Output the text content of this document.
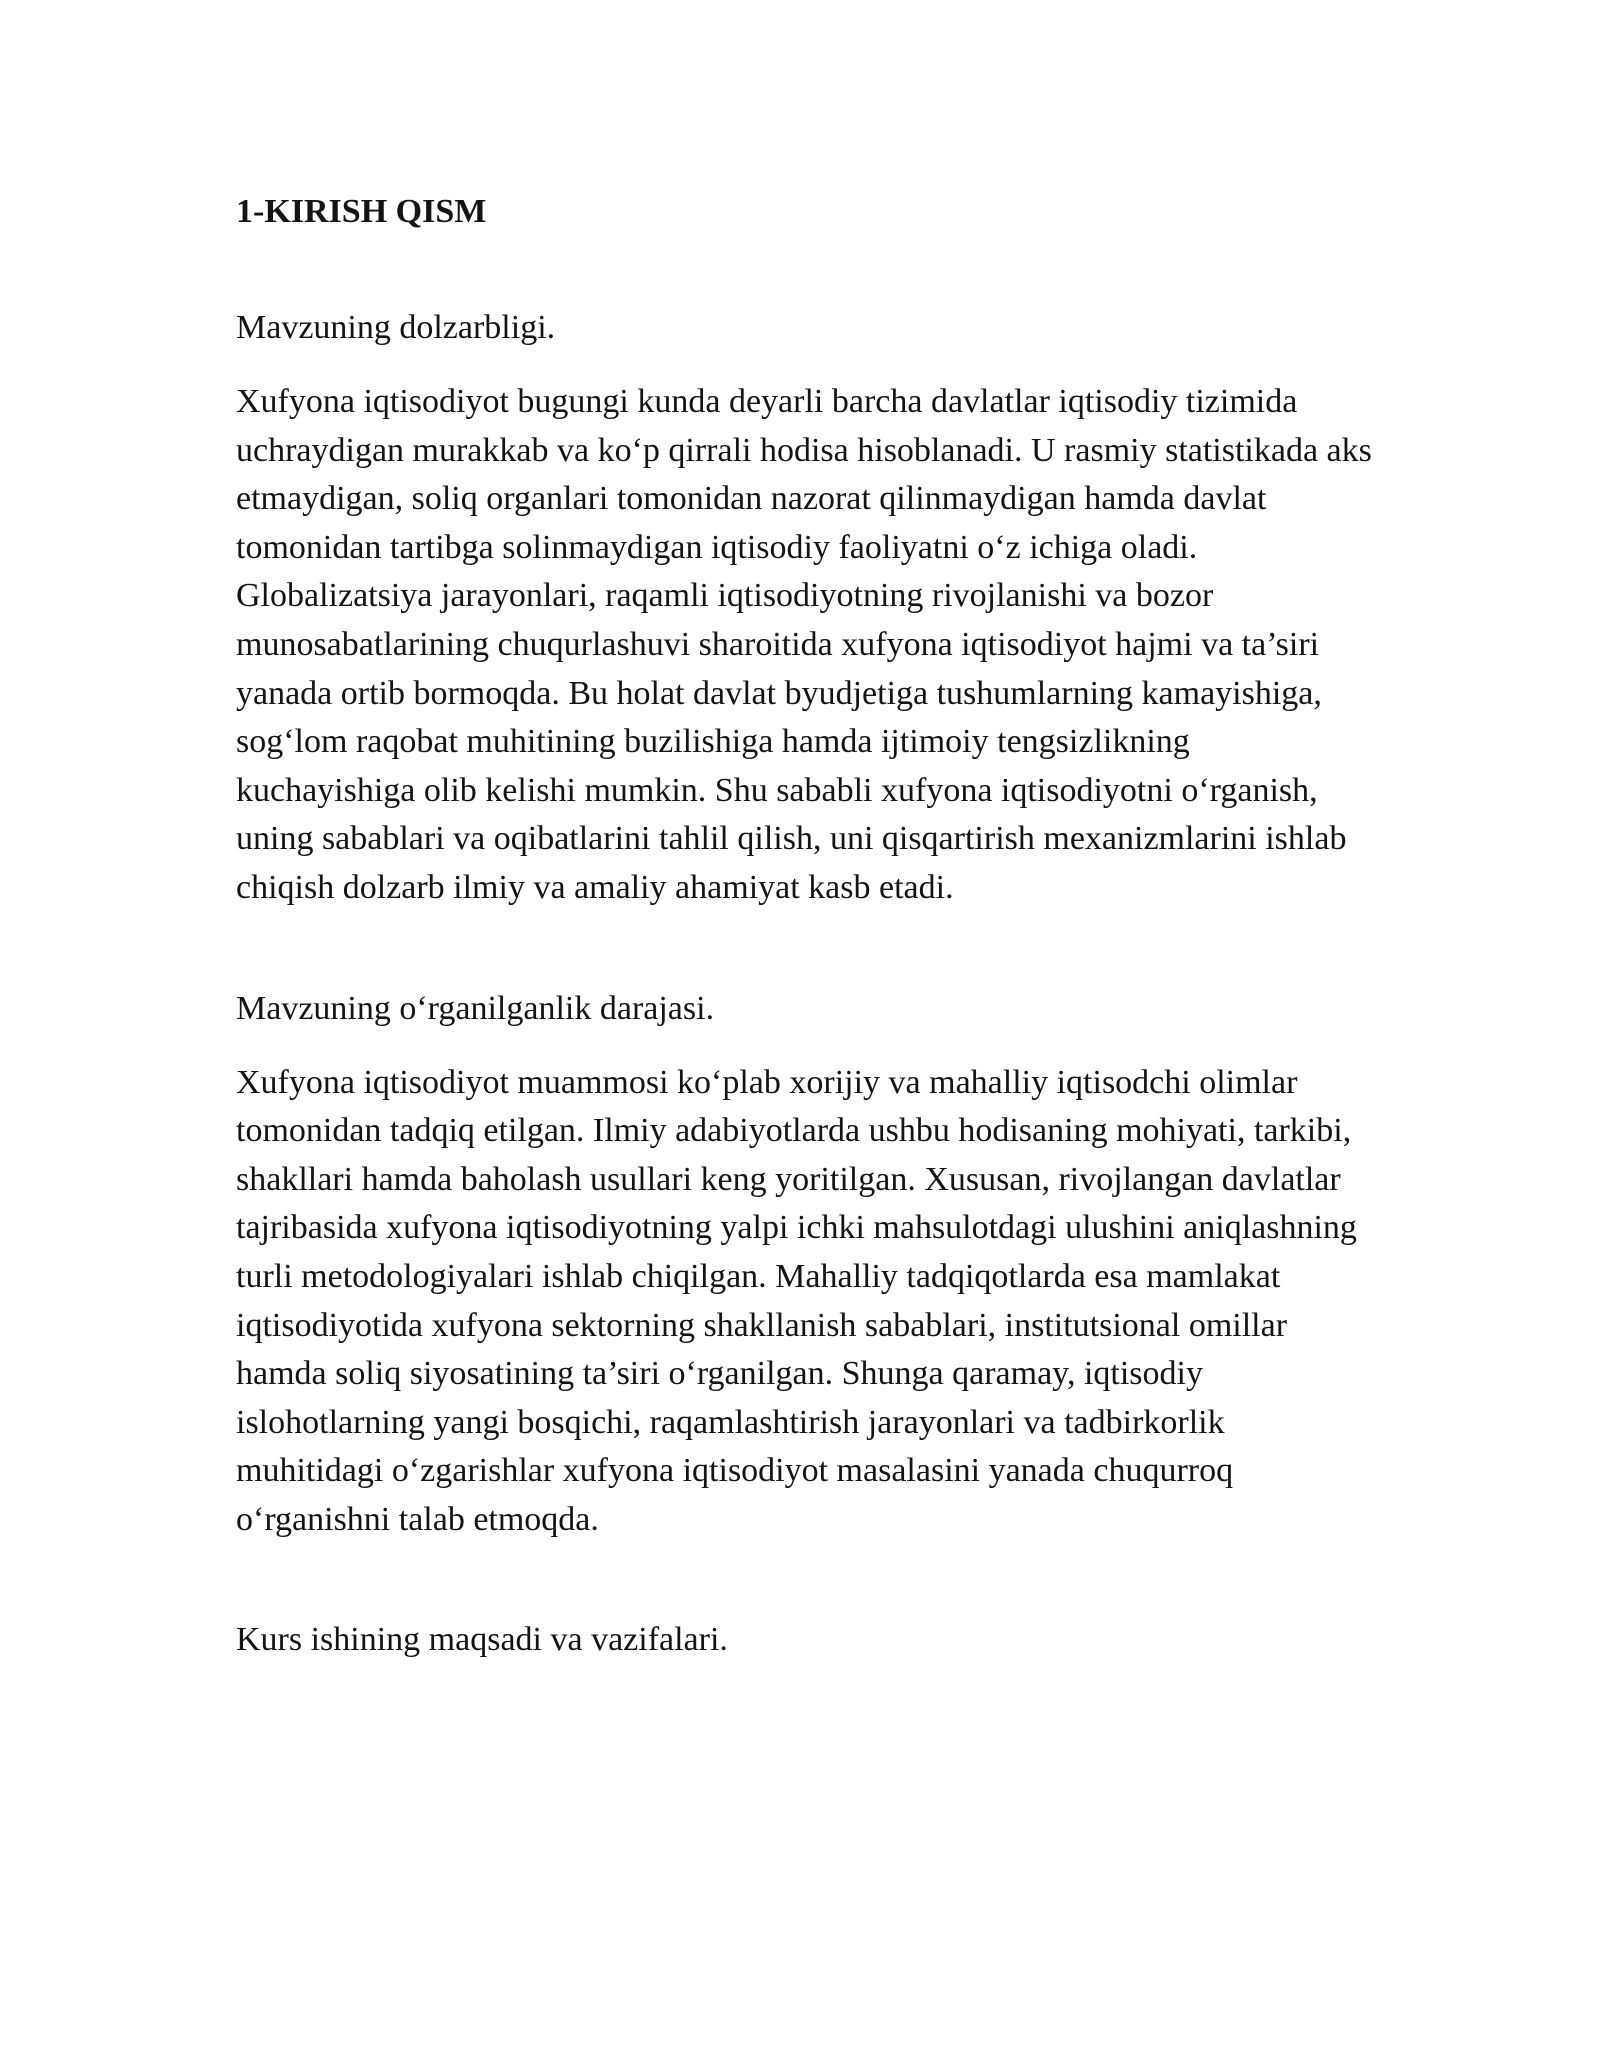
1-KIRISH QISM

Mavzuning dolzarbligi.

Xufyona iqtisodiyot bugungi kunda deyarli barcha davlatlar iqtisodiy tizimida uchraydigan murakkab va ko‘p qirrali hodisa hisoblanadi. U rasmiy statistikada aks etmaydigan, soliq organlari tomonidan nazorat qilinmaydigan hamda davlat tomonidan tartibga solinmaydigan iqtisodiy faoliyatni o‘z ichiga oladi. Globalizatsiya jarayonlari, raqamli iqtisodiyotning rivojlanishi va bozor munosabatlarining chuqurlashuvi sharoitida xufyona iqtisodiyot hajmi va ta’siri yanada ortib bormoqda. Bu holat davlat byudjetiga tushumlarning kamayishiga, sog‘lom raqobat muhitining buzilishiga hamda ijtimoiy tengsizlikning kuchayishiga olib kelishi mumkin. Shu sababli xufyona iqtisodiyotni o‘rganish, uning sabablari va oqibatlarini tahlil qilish, uni qisqartirish mexanizmlarini ishlab chiqish dolzarb ilmiy va amaliy ahamiyat kasb etadi.

Mavzuning o‘rganilganlik darajasi.

Xufyona iqtisodiyot muammosi ko‘plab xorijiy va mahalliy iqtisodchi olimlar tomonidan tadqiq etilgan. Ilmiy adabiyotlarda ushbu hodisaning mohiyati, tarkibi, shakllari hamda baholash usullari keng yoritilgan. Xususan, rivojlangan davlatlar tajribasida xufyona iqtisodiyotning yalpi ichki mahsulotdagi ulushini aniqlashning turli metodologiyalari ishlab chiqilgan. Mahalliy tadqiqotlarda esa mamlakat iqtisodiyotida xufyona sektorning shakllanish sabablari, institutsional omillar hamda soliq siyosatining ta’siri o‘rganilgan. Shunga qaramay, iqtisodiy islohotlarning yangi bosqichi, raqamlashtirish jarayonlari va tadbirkorlik muhitidagi o‘zgarishlar xufyona iqtisodiyot masalasini yanada chuqurroq o‘rganishni talab etmoqda.

Kurs ishining maqsadi va vazifalari.
